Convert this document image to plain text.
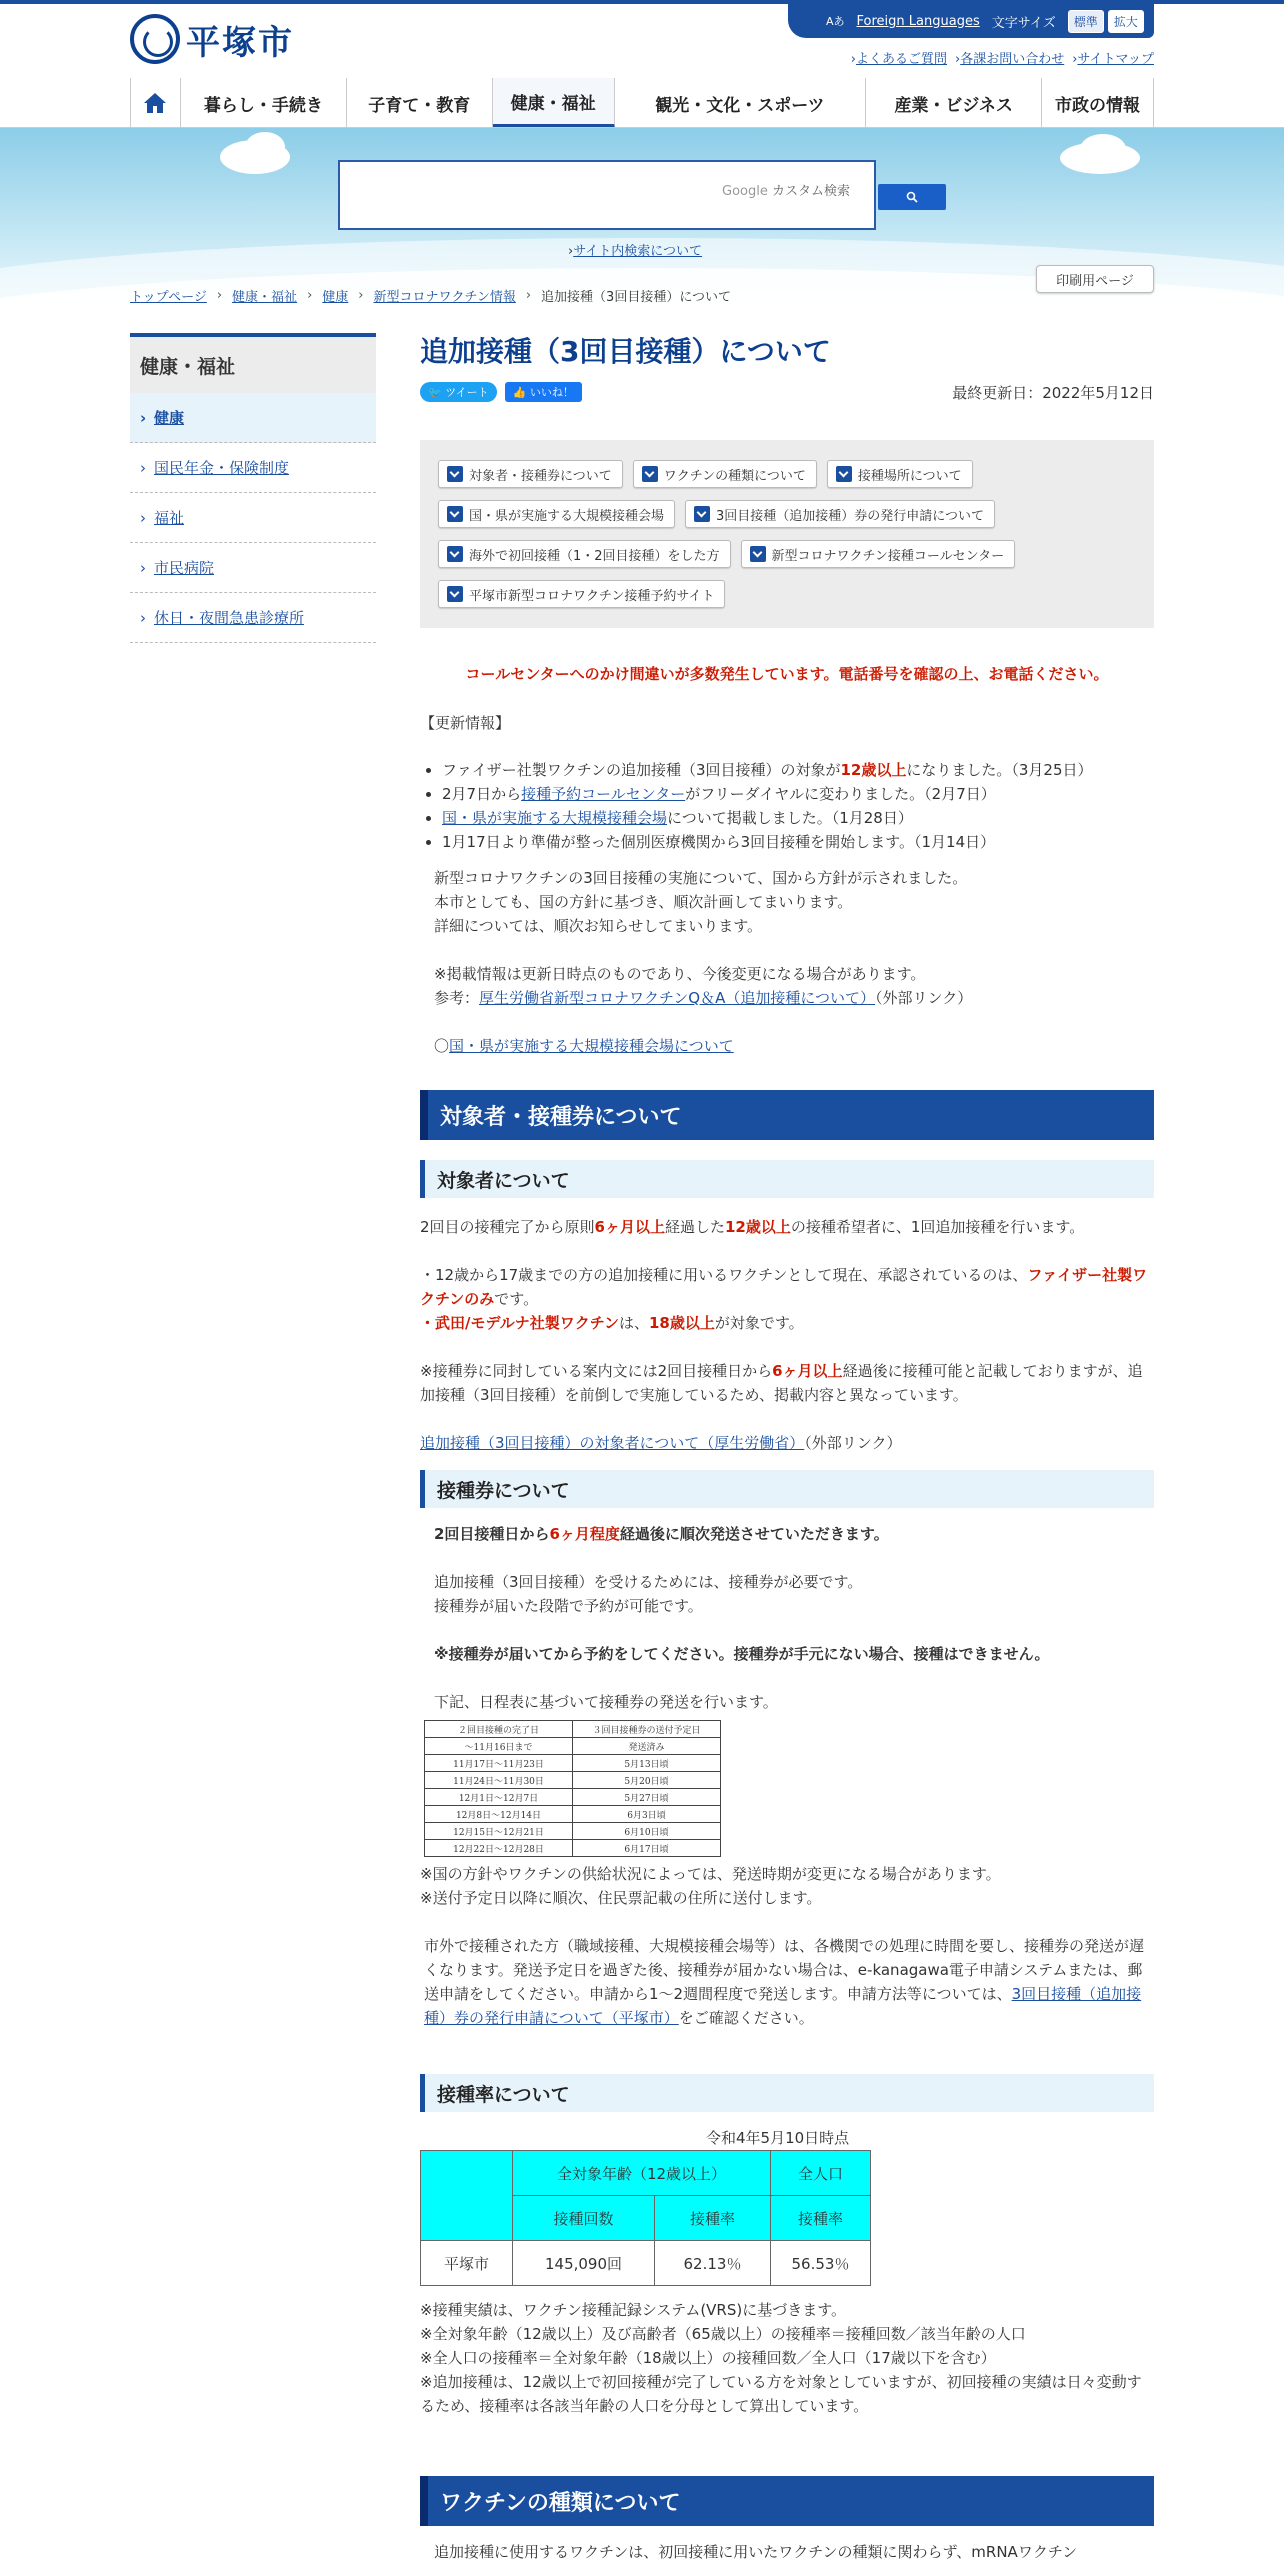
平塚市
Aあ Foreign Languages 文字サイズ	標準	拡大
›よくあるご質問 ›各課お問い合わせ ›サイトマップ
暮らし・手続き	子育て・教育	健康・福祉	観光・文化・スポーツ	産業・ビジネス	市政の情報
Google カスタム検索
›サイト内検索について
トップページ › 健康・福祉 › 健康 › 新型コロナワクチン情報 › 追加接種（3回目接種）について
印刷用ページ
健康・福祉
› 健康
› 国民年金・保険制度
› 福祉
› 市民病院
› 休日・夜間急患診療所
追加接種（3回目接種）について
🐦
ツイート 👍
いいね！	最終更新日：2022年5月12日
対象者・接種券について	ワクチンの種類について	接種場所について
国・県が実施する大規模接種会場	3回目接種（追加接種）券の発行申請について
海外で初回接種（1・2回目接種）をした方	新型コロナワクチン接種コールセンター
平塚市新型コロナワクチン接種予約サイト
コールセンターへのかけ間違いが多数発生しています。電話番号を確認の上、お電話ください。
【更新情報】
• ファイザー社製ワクチンの追加接種（3回目接種）の対象が12歳以上になりました。（3月25日）
• 2月7日から接種予約コールセンターがフリーダイヤルに変わりました。（2月7日）
• 国・県が実施する大規模接種会場について掲載しました。（1月28日）
• 1月17日より準備が整った個別医療機関から3回目接種を開始します。（1月14日）
新型コロナワクチンの3回目接種の実施について、国から方針が示されました。
本市としても、国の方針に基づき、順次計画してまいります。
詳細については、順次お知らせしてまいります。
※掲載情報は更新日時点のものであり、今後変更になる場合があります。
参考：厚生労働省新型コロナワクチンQ＆A（追加接種について）（外部リンク）
〇国・県が実施する大規模接種会場について
対象者・接種券について
対象者について
2回目の接種完了から原則6ヶ月以上経過した12歳以上の接種希望者に、1回追加接種を行います。
・12歳から17歳までの方の追加接種に用いるワクチンとして現在、承認されているのは、ファイザー社製ワクチンのみです。
・武田/モデルナ社製ワクチンは、18歳以上が対象です。
※接種券に同封している案内文には2回目接種日から6ヶ月以上経過後に接種可能と記載しておりますが、追加接種（3回目接種）を前倒しで実施しているため、掲載内容と異なっています。
追加接種（3回目接種）の対象者について（厚生労働省）（外部リンク）
接種券について
2回目接種日から6ヶ月程度経過後に順次発送させていただきます。
追加接種（3回目接種）を受けるためには、接種券が必要です。
接種券が届いた段階で予約が可能です。
※接種券が届いてから予約をしてください。接種券が手元にない場合、接種はできません。
下記、日程表に基づいて接種券の発送を行います。
２回目接種の完了日	３回目接種券の送付予定日
〜11月16日まで	発送済み
11月17日〜11月23日	5月13日頃
11月24日〜11月30日	5月20日頃
12月1日〜12月7日	5月27日頃
12月8日〜12月14日	6月3日頃
12月15日〜12月21日	6月10日頃
12月22日〜12月28日	6月17日頃
※国の方針やワクチンの供給状況によっては、発送時期が変更になる場合があります。
※送付予定日以降に順次、住民票記載の住所に送付します。
市外で接種された方（職域接種、大規模接種会場等）は、各機関での処理に時間を要し、接種券の発送が遅くなります。発送予定日を過ぎた後、接種券が届かない場合は、e-kanagawa電子申請システムまたは、郵送申請をしてください。申請から1～2週間程度で発送します。申請方法等については、3回目接種（追加接種）券の発行申請について（平塚市）をご確認ください。
接種率について
令和4年5月10日時点
	全対象年齢（12歳以上）		全人口
	接種回数	接種率	接種率
平塚市	145,090回	62.13％	56.53％
※接種実績は、ワクチン接種記録システム(VRS)に基づきます。
※全対象年齢（12歳以上）及び高齢者（65歳以上）の接種率＝接種回数／該当年齢の人口
※全人口の接種率＝全対象年齢（18歳以上）の接種回数／全人口（17歳以下を含む）
※追加接種は、12歳以上で初回接種が完了している方を対象としていますが、初回接種の実績は日々変動するため、接種率は各該当年齢の人口を分母として算出しています。
ワクチンの種類について
追加接種に使用するワクチンは、初回接種に用いたワクチンの種類に関わらず、mRNAワクチン
